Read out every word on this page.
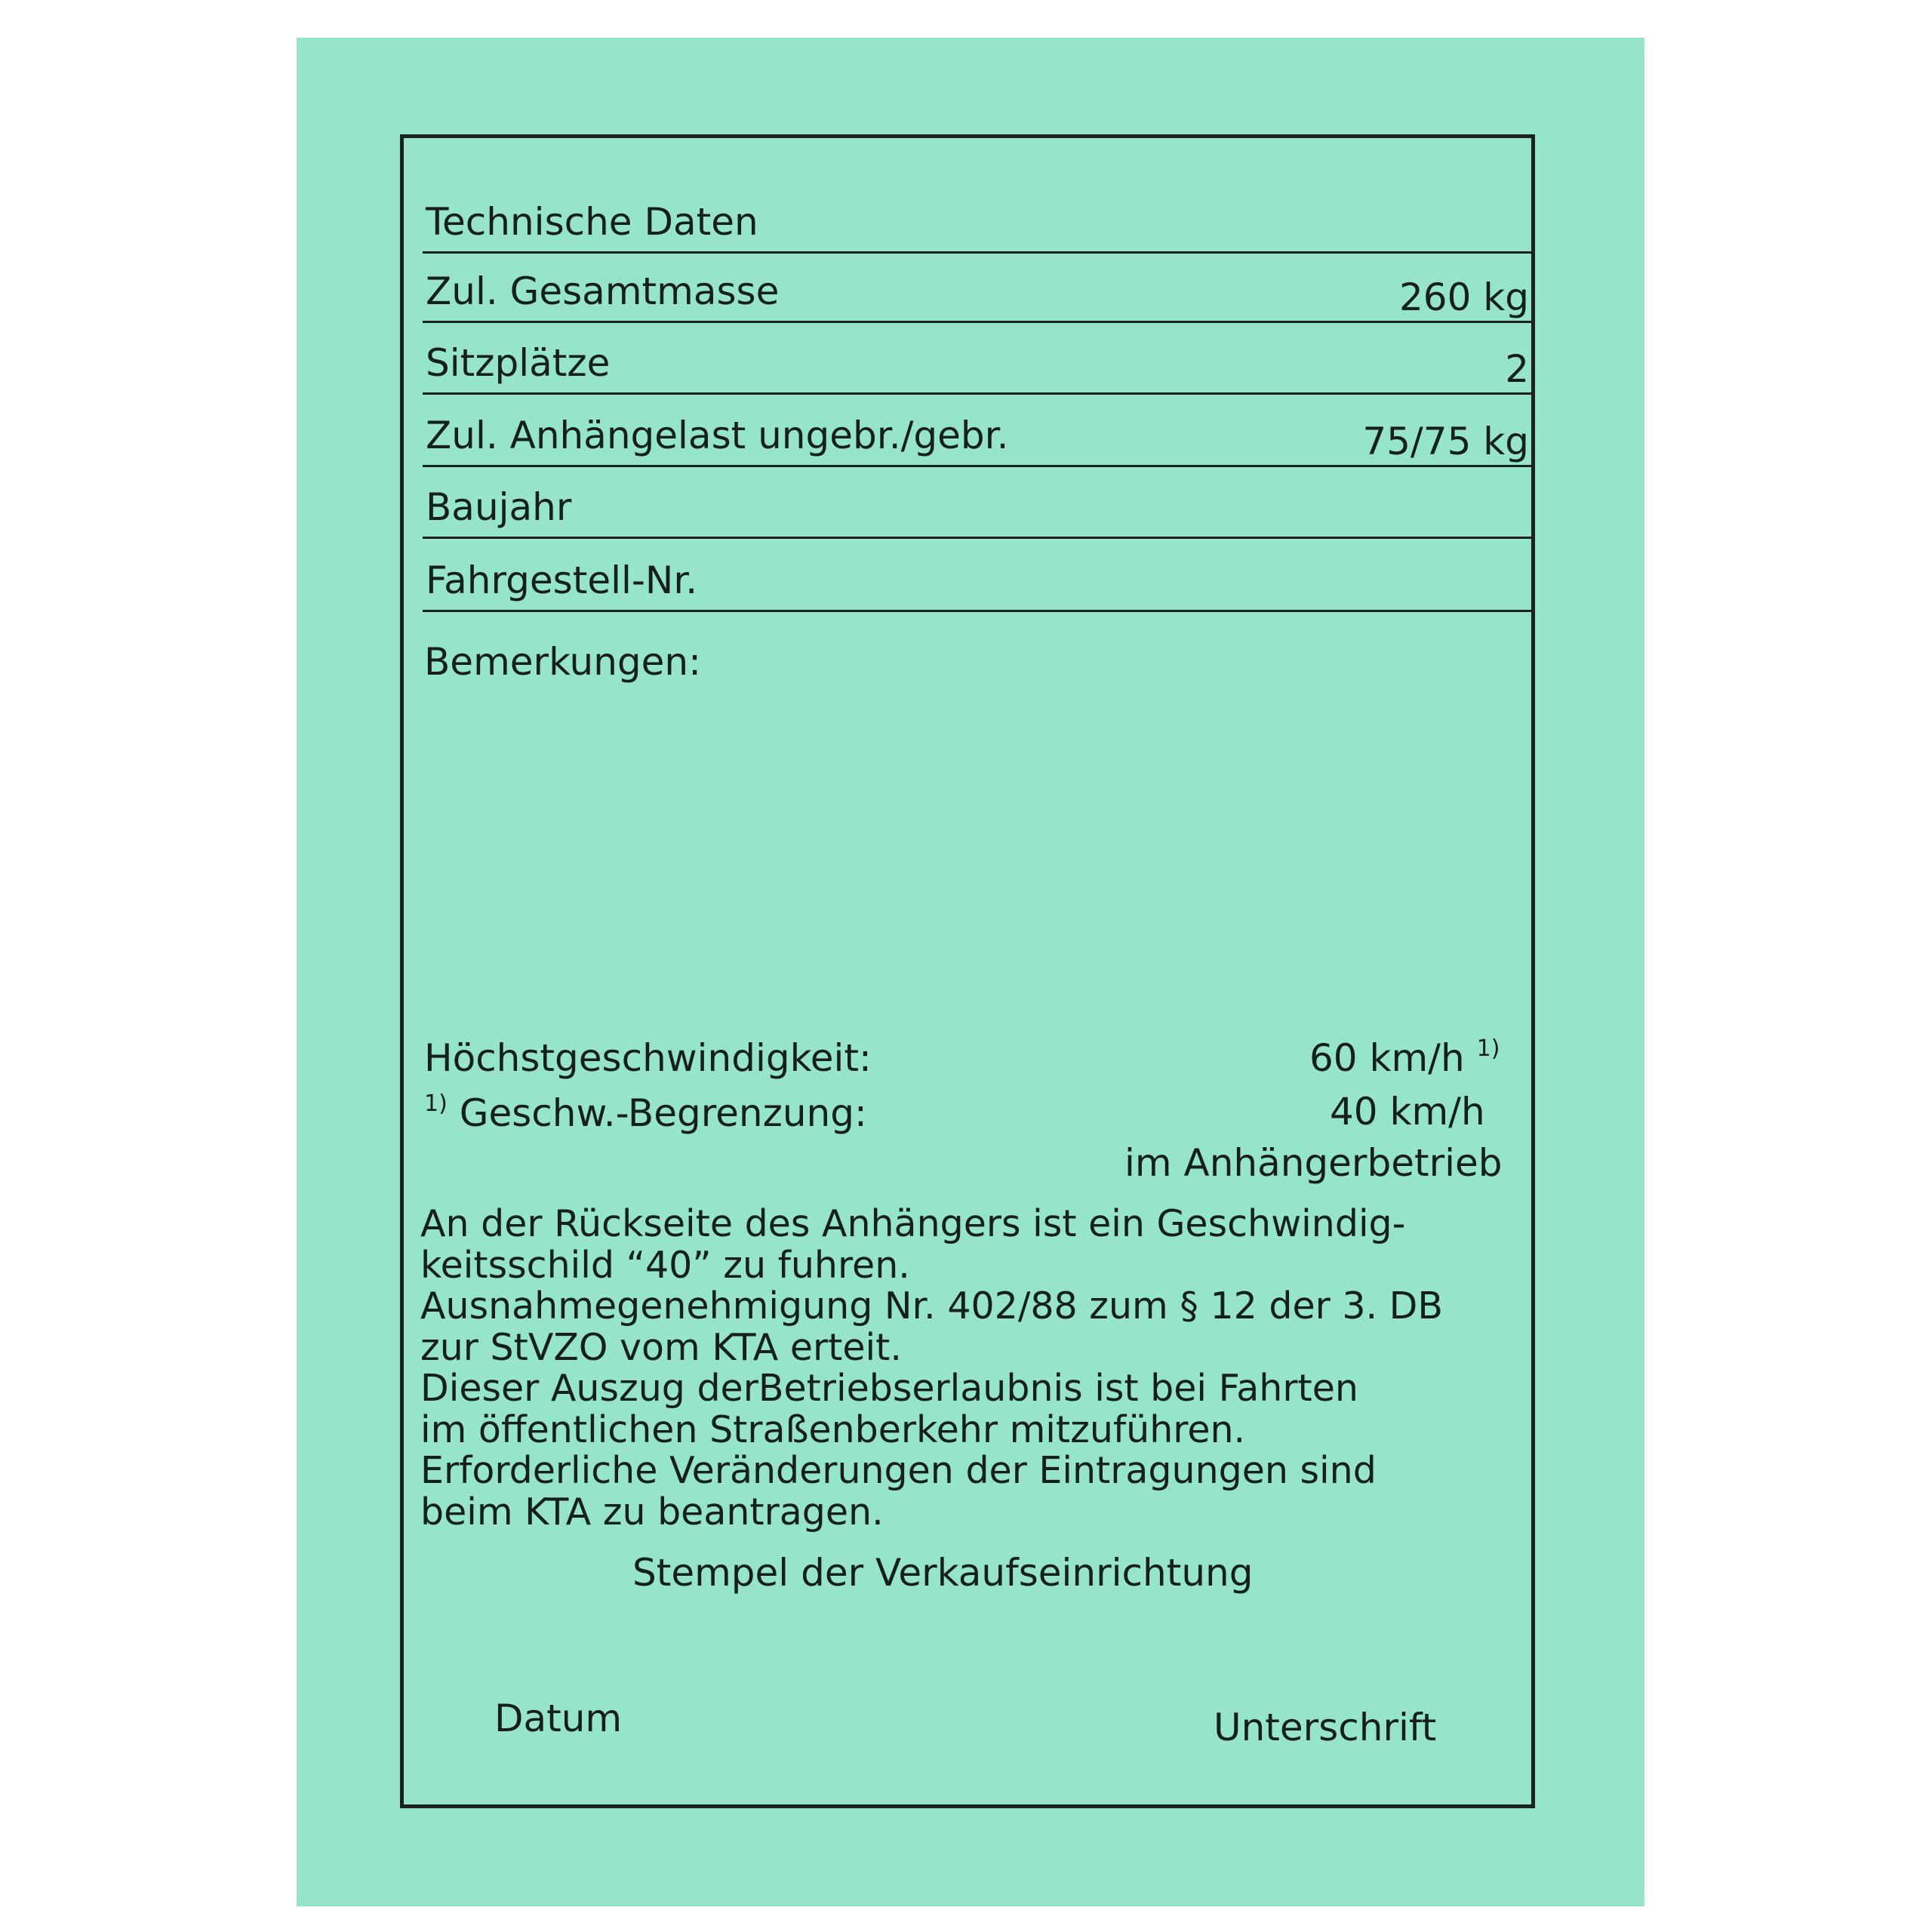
Technische Daten
Zul. Gesamtmasse	260 kg
Sitzplätze	2
Zul. Anhängelast ungebr./gebr.	75/75 kg
Baujahr
Fahrgestell-Nr.
Bemerkungen:
Höchstgeschwindigkeit:	60 km/h $^{1)}$
$^{1)}$ Geschw.-Begrenzung:	40 km/h
im Anhängerbetrieb
An der Rückseite des Anhängers ist ein Geschwindig-
keitsschild “40” zu fuhren.
Ausnahmegenehmigung Nr. 402/88 zum § 12 der 3. DB
zur StVZO vom KTA erteit.
Dieser Auszug derBetriebserlaubnis ist bei Fahrten
im öffentlichen Straßenberkehr mitzuführen.
Erforderliche Veränderungen der Eintragungen sind
beim KTA zu beantragen.
Stempel der Verkaufseinrichtung
Datum	Unterschrift
